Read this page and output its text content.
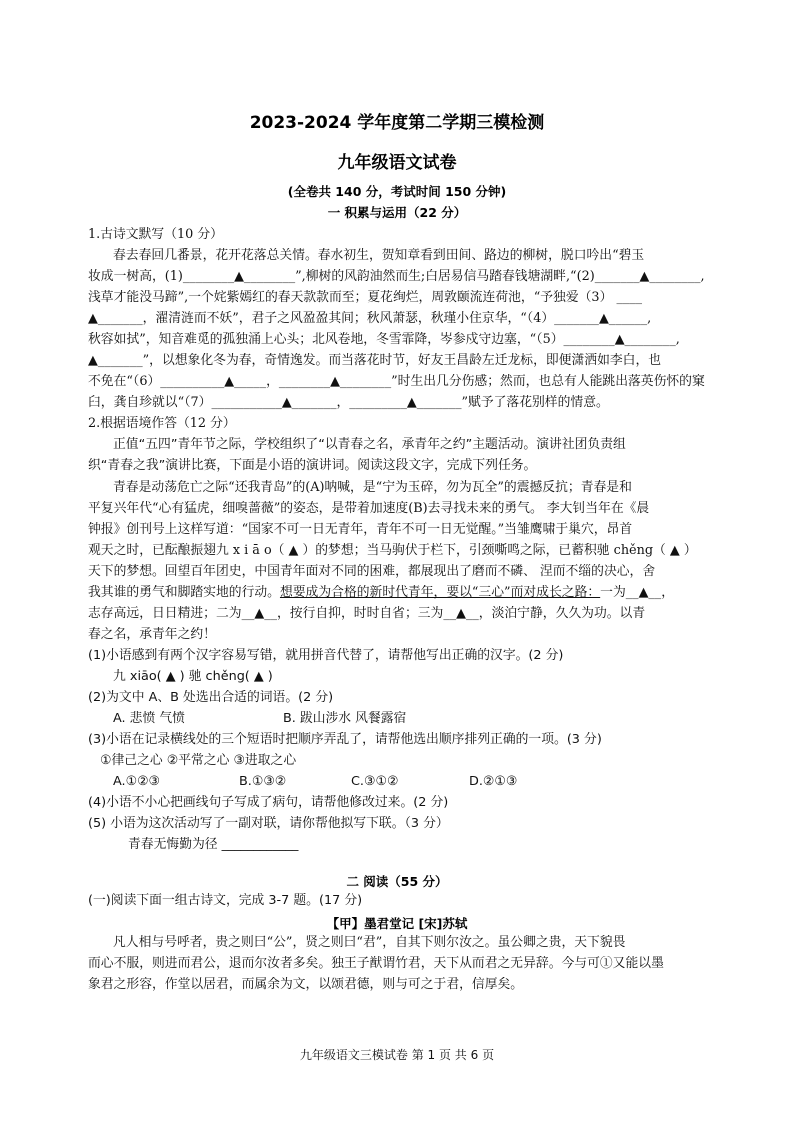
2023-2024 学年度第二学期三模检测
九年级语文试卷
(全卷共 140 分，考试时间 150 分钟)
一 积累与运用（22 分）
1.古诗文默写（10 分）
春去春回几番景，花开花落总关情。春水初生，贺知章看到田间、路边的柳树，脱口吟出“碧玉
妆成一树高，(1)________▲________”,柳树的风韵油然而生;白居易信马踏春钱塘湖畔,“(2)_______▲________,
浅草才能没马蹄”,一个姹紫嫣红的春天款款而至；夏花绚烂，周敦颐流连荷池，“予独爱（3） ____
▲_______，濯清涟而不妖”，君子之风盈盈其间；秋风萧瑟，秋瑾小住京华，“（4）_______▲______,
秋容如拭”，知音难觅的孤独涌上心头；北风卷地，冬雪霏降，岑参戍守边塞，“（5）________▲________,
▲_______”，以想象化冬为春，奇情逸发。而当落花时节，好友王昌龄左迁龙标，即便潇洒如李白，也
不免在“（6）__________▲_____，________▲________”时生出几分伤感；然而，也总有人能跳出落英伤怀的窠
臼，龚自珍就以“（7）___________▲_______，_________▲_______”赋予了落花别样的情意。
2.根据语境作答（12 分）
正值“五四”青年节之际，学校组织了“以青春之名，承青年之约”主题活动。演讲社团负责组
织“青春之我”演讲比赛，下面是小语的演讲词。阅读这段文字，完成下列任务。
青春是动荡危亡之际“还我青岛”的(A)呐喊，是“宁为玉碎，勿为瓦全”的震撼反抗；青春是和
平复兴年代“心有猛虎，细嗅蔷薇”的姿态，是带着加速度(B)去寻找未来的勇气。 李大钊当年在《晨
钟报》创刊号上这样写道：“国家不可一日无青年，青年不可一日无觉醒。”当雏鹰啸于巢穴，昂首
观天之时，已酝酿振翅九 x i ā o（ ▲ ）的梦想；当马驹伏于栏下，引颈嘶鸣之际，已蓄积驰 chěng（ ▲ ）
天下的梦想。回望百年团史，中国青年面对不同的困难，都展现出了磨而不磷、 涅而不缁的决心，舍
我其谁的勇气和脚踏实地的行动。想要成为合格的新时代青年，要以“三心”而对成长之路：一为__▲__，
志存高远，日日精进；二为__▲__，按行自抑，时时自省；三为__▲__，淡泊宁静，久久为功。以青
春之名，承青年之约！
(1)小语感到有两个汉字容易写错，就用拼音代替了，请帮他写出正确的汉字。(2 分)
九 xiāo( ▲ ) 驰 chěng( ▲ )
(2)为文中 A、B 处选出合适的词语。(2 分)
A. 悲愤 气愤	B. 跋山涉水 风餐露宿
(3)小语在记录横线处的三个短语时把顺序弄乱了，请帮他选出顺序排列正确的一项。(3 分)
①律己之心 ②平常之心 ③进取之心
A.①②③	B.①③②	C.③①②	D.②①③
(4)小语不小心把画线句子写成了病句，请帮他修改过来。(2 分)
(5) 小语为这次活动写了一副对联，请你帮他拟写下联。（3 分）
青春无悔勤为径 ____________
二 阅读（55 分）
(一)阅读下面一组古诗文，完成 3-7 题。(17 分)
【甲】墨君堂记 [宋]苏轼
凡人相与号呼者，贵之则曰“公”，贤之则曰“君”，自其下则尔汝之。虽公卿之贵，天下貌畏
而心不服，则进而君公，退而尔汝者多矣。独王子猷谓竹君，天下从而君之无异辞。今与可①又能以墨
象君之形容，作堂以居君，而属余为文，以颂君德，则与可之于君，信厚矣。
九年级语文三模试卷 第 1 页 共 6 页
